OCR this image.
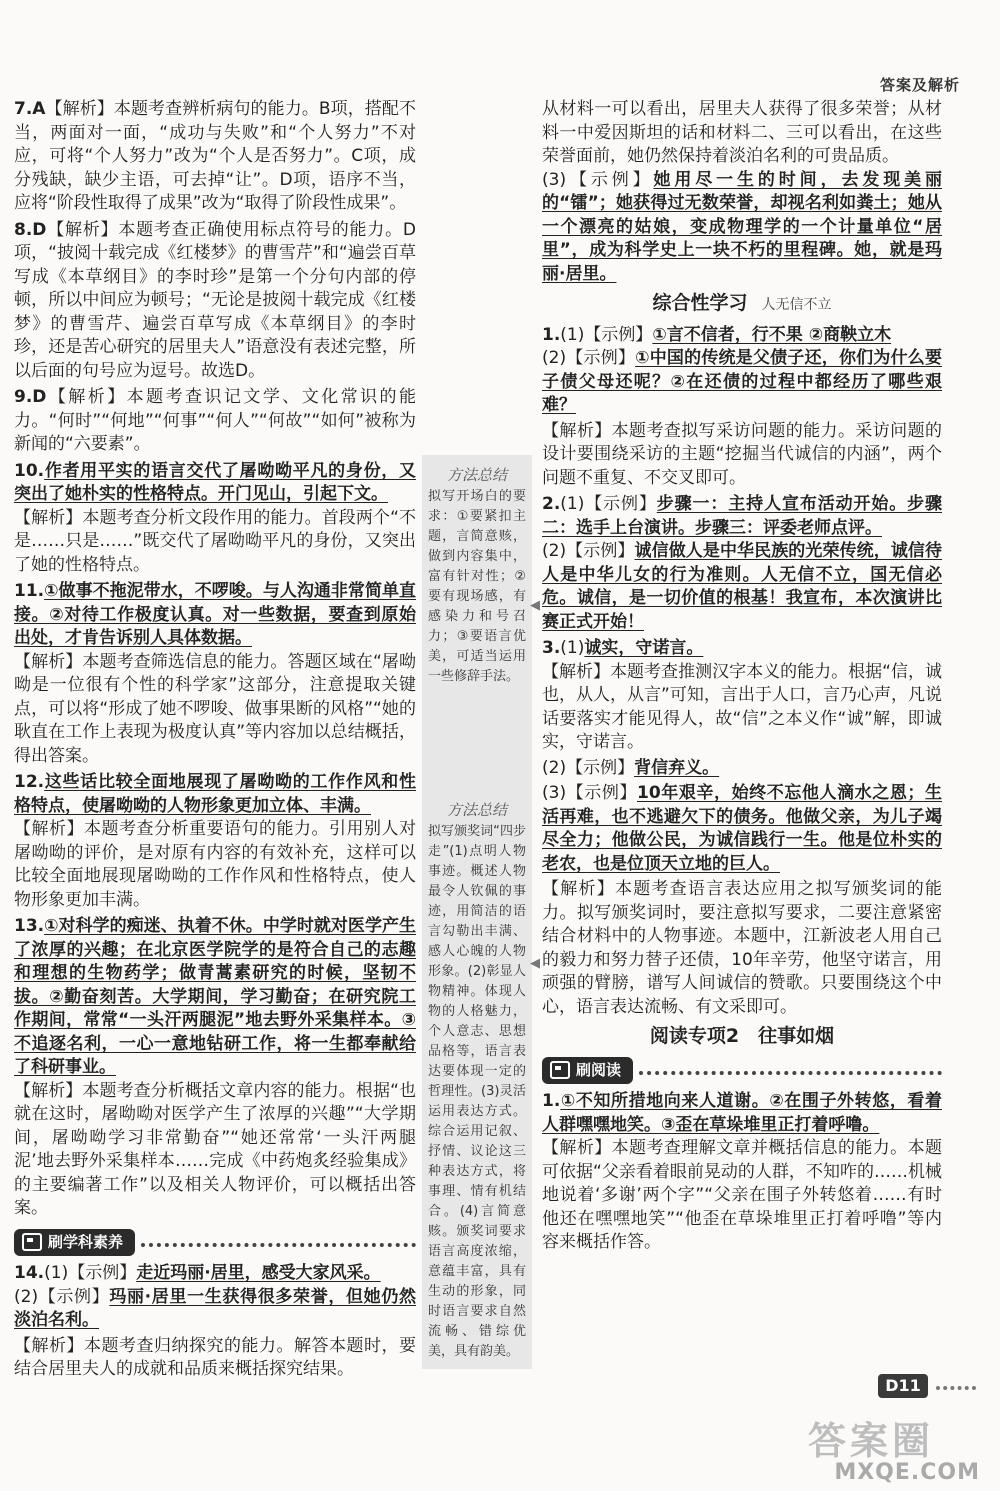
答案及解析
7.A【解析】本题考查辨析病句的能力。B项，搭配不当，两面对一面，“成功与失败”和“个人努力”不对应，可将“个人努力”改为“个人是否努力”。C项，成分残缺，缺少主语，可去掉“让”。D项，语序不当，应将“阶段性取得了成果”改为“取得了阶段性成果”。
8.D【解析】本题考查正确使用标点符号的能力。D项，“披阅十载完成《红楼梦》的曹雪芹”和“遍尝百草写成《本草纲目》的李时珍”是第一个分句内部的停顿，所以中间应为顿号；“无论是披阅十载完成《红楼梦》的曹雪芹、遍尝百草写成《本草纲目》的李时珍，还是苦心研究的居里夫人”语意没有表述完整，所以后面的句号应为逗号。故选D。
9.D【解析】本题考查识记文学、文化常识的能力。“何时”“何地”“何事”“何人”“何故”“如何”被称为新闻的“六要素”。
10.作者用平实的语言交代了屠呦呦平凡的身份，又突出了她朴实的性格特点。开门见山，引起下文。
【解析】本题考查分析文段作用的能力。首段两个“不是……只是……”既交代了屠呦呦平凡的身份，又突出了她的性格特点。
11.①做事不拖泥带水，不啰唆。与人沟通非常简单直接。②对待工作极度认真。对一些数据，要查到原始出处，才肯告诉别人具体数据。
【解析】本题考查筛选信息的能力。答题区域在“屠呦呦是一位很有个性的科学家”这部分，注意提取关键点，可以将“形成了她不啰唆、做事果断的风格”“她的耿直在工作上表现为极度认真”等内容加以总结概括，得出答案。
12.这些话比较全面地展现了屠呦呦的工作作风和性格特点，使屠呦呦的人物形象更加立体、丰满。
【解析】本题考查分析重要语句的能力。引用别人对屠呦呦的评价，是对原有内容的有效补充，这样可以比较全面地展现屠呦呦的工作作风和性格特点，使人物形象更加丰满。
13.①对科学的痴迷、执着不休。中学时就对医学产生了浓厚的兴趣；在北京医学院学的是符合自己的志趣和理想的生物药学；做青蒿素研究的时候，坚韧不拔。②勤奋刻苦。大学期间，学习勤奋；在研究院工作期间，常常“一头汗两腿泥”地去野外采集样本。③不追逐名利，一心一意地钻研工作，将一生都奉献给了科研事业。
【解析】本题考查分析概括文章内容的能力。根据“也就在这时，屠呦呦对医学产生了浓厚的兴趣”“大学期间，屠呦呦学习非常勤奋”“她还常常‘一头汗两腿泥’地去野外采集样本……完成《中药炮炙经验集成》的主要编著工作”以及相关人物评价，可以概括出答案。
刷学科素养
14.(1)【示例】走近玛丽·居里，感受大家风采。
(2)【示例】玛丽·居里一生获得很多荣誉，但她仍然淡泊名利。
【解析】本题考查归纳探究的能力。解答本题时，要结合居里夫人的成就和品质来概括探究结果。
方法总结
拟写开场白的要求：①要紧扣主题，言简意赅，做到内容集中，富有针对性；②要有现场感，有感染力和号召力；③要语言优美，可适当运用一些修辞手法。
方法总结
拟写颁奖词“四步走”(1)点明人物事迹。概述人物最令人钦佩的事迹，用简洁的语言勾勒出丰满、感人心魄的人物形象。(2)彰显人物精神。体现人物的人格魅力，个人意志、思想品格等，语言表达要体现一定的哲理性。(3)灵活运用表达方式。综合运用记叙、抒情、议论这三种表达方式，将事理、情有机结合。(4)言简意赅。颁奖词要求语言高度浓缩，意蕴丰富，具有生动的形象，同时语言要求自然流畅、错综优美，具有韵美。
◀
◀
从材料一可以看出，居里夫人获得了很多荣誉；从材料一中爱因斯坦的话和材料二、三可以看出，在这些荣誉面前，她仍然保持着淡泊名利的可贵品质。
(3)【示例】她用尽一生的时间，去发现美丽的“镭”；她获得过无数荣誉，却视名利如粪土；她从一个漂亮的姑娘，变成物理学的一个计量单位“居里”，成为科学史上一块不朽的里程碑。她，就是玛丽·居里。
综合性学习 人无信不立
1.(1)【示例】①言不信者，行不果 ②商鞅立木
(2)【示例】①中国的传统是父债子还，你们为什么要子债父母还呢？②在还债的过程中都经历了哪些艰难？
【解析】本题考查拟写采访问题的能力。采访问题的设计要围绕采访的主题“挖掘当代诚信的内涵”，两个问题不重复、不交叉即可。
2.(1)【示例】步骤一：主持人宣布活动开始。步骤二：选手上台演讲。步骤三：评委老师点评。
(2)【示例】诚信做人是中华民族的光荣传统，诚信待人是中华儿女的行为准则。人无信不立，国无信必危。诚信，是一切价值的根基！我宣布，本次演讲比赛正式开始！
3.(1)诚实，守诺言。
【解析】本题考查推测汉字本义的能力。根据“信，诚也，从人，从言”可知，言出于人口，言乃心声，凡说话要落实才能见得人，故“信”之本义作“诚”解，即诚实，守诺言。
(2)【示例】背信弃义。
(3)【示例】10年艰辛，始终不忘他人滴水之恩；生活再难，也不逃避欠下的债务。他做父亲，为儿子竭尽全力；他做公民，为诚信践行一生。他是位朴实的老农，也是位顶天立地的巨人。
【解析】本题考查语言表达应用之拟写颁奖词的能力。拟写颁奖词时，要注意拟写要求，二要注意紧密结合材料中的人物事迹。本题中，江新波老人用自己的毅力和努力替子还债，10年辛劳，他坚守诺言，用顽强的臂膀，谱写人间诚信的赞歌。只要围绕这个中心，语言表达流畅、有文采即可。
阅读专项2　往事如烟
刷阅读
1.①不知所措地向来人道谢。②在围子外转悠，看着人群嘿嘿地笑。③歪在草垛堆里正打着呼噜。
【解析】本题考查理解文章并概括信息的能力。本题可依据“父亲看着眼前晃动的人群，不知咋的……机械地说着‘多谢’两个字”“父亲在围子外转悠着……有时他还在嘿嘿地笑”“他歪在草垛堆里正打着呼噜”等内容来概括作答。
D11
答案圈
MXQE.COM
